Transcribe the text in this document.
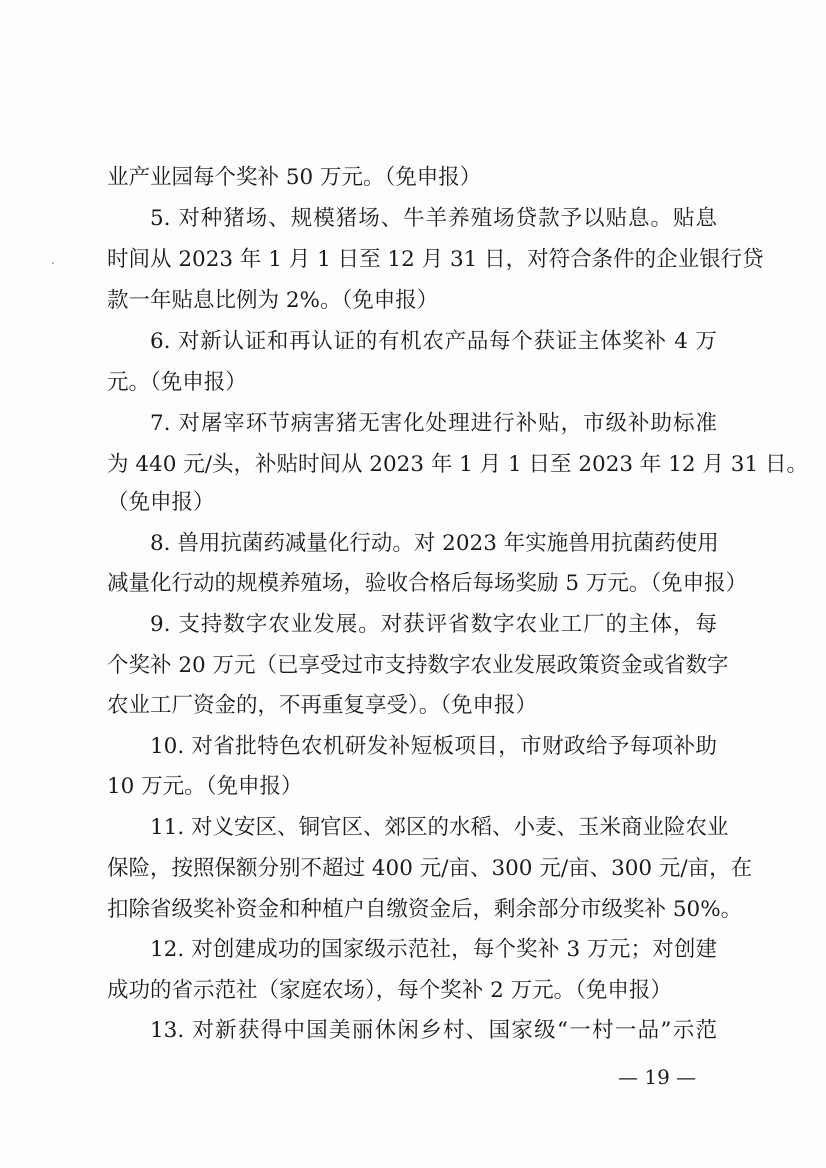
业产业园每个奖补 50 万元。（免申报）
5. 对种猪场、规模猪场、牛羊养殖场贷款予以贴息。贴息
时间从 2023 年 1 月 1 日至 12 月 31 日，对符合条件的企业银行贷
款一年贴息比例为 2%。（免申报）
6. 对新认证和再认证的有机农产品每个获证主体奖补 4 万
元。（免申报）
7. 对屠宰环节病害猪无害化处理进行补贴，市级补助标准
为 440 元/头，补贴时间从 2023 年 1 月 1 日至 2023 年 12 月 31 日。
（免申报）
8. 兽用抗菌药减量化行动。对 2023 年实施兽用抗菌药使用
减量化行动的规模养殖场，验收合格后每场奖励 5 万元。（免申报）
9. 支持数字农业发展。对获评省数字农业工厂的主体，每
个奖补 20 万元（已享受过市支持数字农业发展政策资金或省数字
农业工厂资金的，不再重复享受）。（免申报）
10. 对省批特色农机研发补短板项目，市财政给予每项补助
10 万元。（免申报）
11. 对义安区、铜官区、郊区的水稻、小麦、玉米商业险农业
保险，按照保额分别不超过 400 元/亩、300 元/亩、300 元/亩，在
扣除省级奖补资金和种植户自缴资金后，剩余部分市级奖补 50%。
12. 对创建成功的国家级示范社，每个奖补 3 万元；对创建
成功的省示范社（家庭农场），每个奖补 2 万元。（免申报）
13. 对新获得中国美丽休闲乡村、国家级“一村一品”示范
— 19 —
